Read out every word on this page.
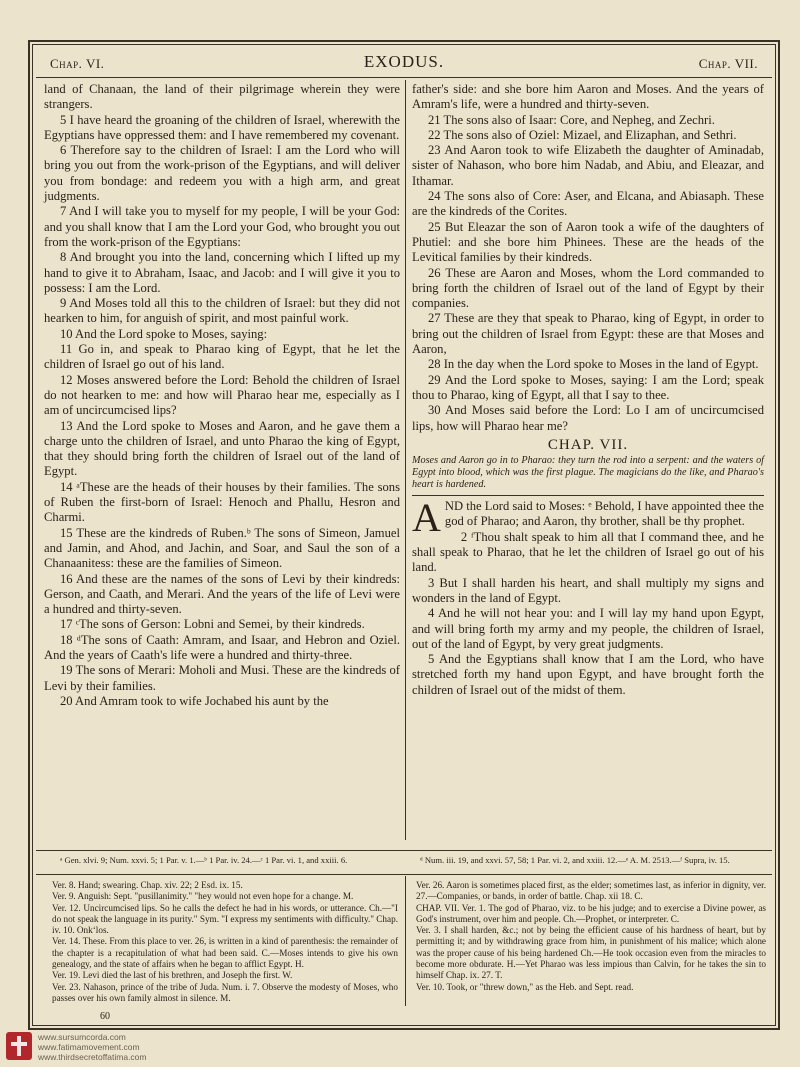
Chap. VI.	EXODUS.	Chap. VII.

land of Chanaan, the land of their pilgrimage wherein they were strangers.

5 I have heard the groaning of the children of Israel, wherewith the Egyptians have oppressed them: and I have remembered my covenant.

6 Therefore say to the children of Israel: I am the Lord who will bring you out from the work-prison of the Egyptians, and will deliver you from bondage: and redeem you with a high arm, and great judgments.

7 And I will take you to myself for my people, I will be your God: and you shall know that I am the Lord your God, who brought you out from the work-prison of the Egyptians:

8 And brought you into the land, concerning which I lifted up my hand to give it to Abraham, Isaac, and Jacob: and I will give it you to possess: I am the Lord.

9 And Moses told all this to the children of Israel: but they did not hearken to him, for anguish of spirit, and most painful work.

10 And the Lord spoke to Moses, saying:

11 Go in, and speak to Pharao king of Egypt, that he let the children of Israel go out of his land.

12 Moses answered before the Lord: Behold the children of Israel do not hearken to me: and how will Pharao hear me, especially as I am of uncircumcised lips?

13 And the Lord spoke to Moses and Aaron, and he gave them a charge unto the children of Israel, and unto Pharao the king of Egypt, that they should bring forth the children of Israel out of the land of Egypt.

14 ᵃThese are the heads of their houses by their families. The sons of Ruben the first-born of Israel: Henoch and Phallu, Hesron and Charmi.

15 These are the kindreds of Ruben.ᵇ The sons of Simeon, Jamuel and Jamin, and Ahod, and Jachin, and Soar, and Saul the son of a Chanaanitess: these are the families of Simeon.

16 And these are the names of the sons of Levi by their kindreds: Gerson, and Caath, and Merari. And the years of the life of Levi were a hundred and thirty-seven.

17 ᶜThe sons of Gerson: Lobni and Semei, by their kindreds.

18 ᵈThe sons of Caath: Amram, and Isaar, and Hebron and Oziel. And the years of Caath's life were a hundred and thirty-three.

19 The sons of Merari: Moholi and Musi. These are the kindreds of Levi by their families.

20 And Amram took to wife Jochabed his aunt by the

father's side: and she bore him Aaron and Moses. And the years of Amram's life, were a hundred and thirty-seven.

21 The sons also of Isaar: Core, and Nepheg, and Zechri.

22 The sons also of Oziel: Mizael, and Elizaphan, and Sethri.

23 And Aaron took to wife Elizabeth the daughter of Aminadab, sister of Nahason, who bore him Nadab, and Abiu, and Eleazar, and Ithamar.

24 The sons also of Core: Aser, and Elcana, and Abiasaph. These are the kindreds of the Corites.

25 But Eleazar the son of Aaron took a wife of the daughters of Phutiel: and she bore him Phinees. These are the heads of the Levitical families by their kindreds.

26 These are Aaron and Moses, whom the Lord commanded to bring forth the children of Israel out of the land of Egypt by their companies.

27 These are they that speak to Pharao, king of Egypt, in order to bring out the children of Israel from Egypt: these are that Moses and Aaron,

28 In the day when the Lord spoke to Moses in the land of Egypt.

29 And the Lord spoke to Moses, saying: I am the Lord; speak thou to Pharao, king of Egypt, all that I say to thee.

30 And Moses said before the Lord: Lo I am of uncircumcised lips, how will Pharao hear me?

CHAP. VII.

Moses and Aaron go in to Pharao: they turn the rod into a serpent: and the waters of Egypt into blood, which was the first plague. The magicians do the like, and Pharao's heart is hardened.

AND the Lord said to Moses: ᵉ Behold, I have appointed thee the god of Pharao; and Aaron, thy brother, shall be thy prophet.

2 ᶠThou shalt speak to him all that I command thee, and he shall speak to Pharao, that he let the children of Israel go out of his land.

3 But I shall harden his heart, and shall multiply my signs and wonders in the land of Egypt.

4 And he will not hear you: and I will lay my hand upon Egypt, and will bring forth my army and my people, the children of Israel, out of the land of Egypt, by very great judgments.

5 And the Egyptians shall know that I am the Lord, who have stretched forth my hand upon Egypt, and have brought forth the children of Israel out of the midst of them.

ᵃ Gen. xlvi. 9; Num. xxvi. 5; 1 Par. v. 1.—ᵇ 1 Par. iv. 24.—ᶜ 1 Par. vi. 1, and xxiii. 6.	ᵈ Num. iii. 19, and xxvi. 57, 58; 1 Par. vi. 2, and xxiii. 12.—ᵉ A. M. 2513.—ᶠ Supra, iv. 15.

Ver. 8. Hand; swearing. Chap. xiv. 22; 2 Esd. ix. 15.

Ver. 9. Anguish: Sept. "pusillanimity." "hey would not even hope for a change. M.

Ver. 12. Uncircumcised lips. So he calls the defect he had in his words, or utterance. Ch.—"I do not speak the language in its purity." Sym. "I express my sentiments with difficulty." Chap. iv. 10. Onk‘los.

Ver. 14. These. From this place to ver. 26, is written in a kind of parenthesis: the remainder of the chapter is a recapitulation of what had been said. C.—Moses intends to give his own genealogy, and the state of affairs when he began to afflict Egypt. H.

Ver. 19. Levi died the last of his brethren, and Joseph the first. W.

Ver. 23. Nahason, prince of the tribe of Juda. Num. i. 7. Observe the modesty of Moses, who passes over his own family almost in silence. M.

Ver. 26. Aaron is sometimes placed first, as the elder; sometimes last, as inferior in dignity, ver. 27.—Companies, or bands, in order of battle. Chap. xii 18. C.

CHAP. VII. Ver. 1. The god of Pharao, viz. to be his judge; and to exercise a Divine power, as God's instrument, over him and people. Ch.—Prophet, or interpreter. C.

Ver. 3. I shall harden, &c.; not by being the efficient cause of his hardness of heart, but by permitting it; and by withdrawing grace from him, in punishment of his malice; which alone was the proper cause of his being hardened Ch.—He took occasion even from the miracles to become more obdurate. H.—Yet Pharao was less impious than Calvin, for he takes the sin to himself Chap. ix. 27. T.

Ver. 10. Took, or "threw down," as the Heb. and Sept. read.

60
www.sursumcorda.com
www.fatimamovement.com
www.thirdsecretoffatima.com
